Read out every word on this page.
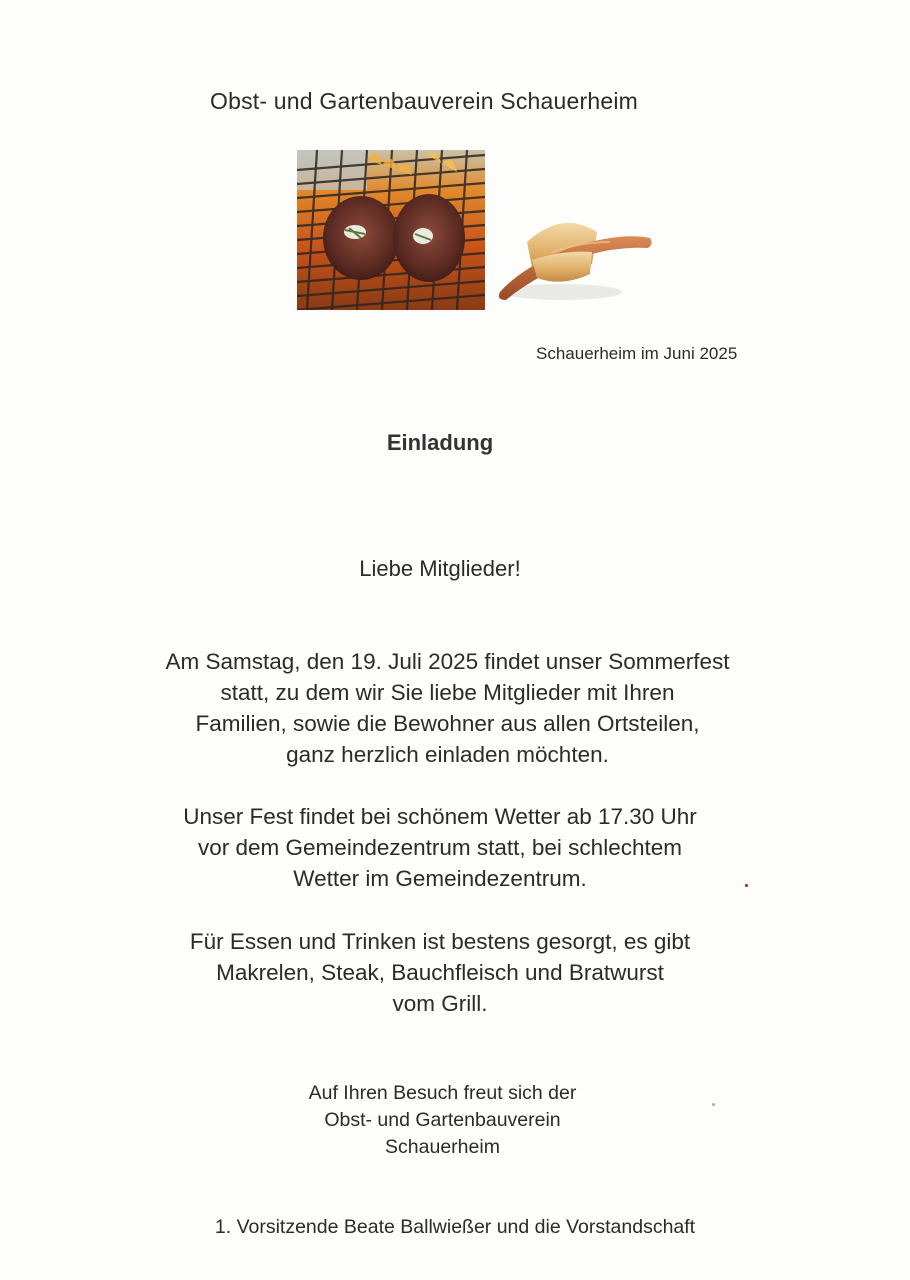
Obst- und Gartenbauverein Schauerheim
Schauerheim im Juni 2025
Einladung
Liebe Mitglieder!
Am Samstag, den 19. Juli 2025 findet unser Sommerfest
statt, zu dem wir Sie liebe Mitglieder mit Ihren
Familien, sowie die Bewohner aus allen Ortsteilen,
ganz herzlich einladen möchten.
Unser Fest findet bei schönem Wetter ab 17.30 Uhr
vor dem Gemeindezentrum statt, bei schlechtem
Wetter im Gemeindezentrum.
Für Essen und Trinken ist bestens gesorgt, es gibt
Makrelen, Steak, Bauchfleisch und Bratwurst
vom Grill.
Auf Ihren Besuch freut sich der
Obst- und Gartenbauverein
Schauerheim
1. Vorsitzende Beate Ballwießer und die Vorstandschaft
